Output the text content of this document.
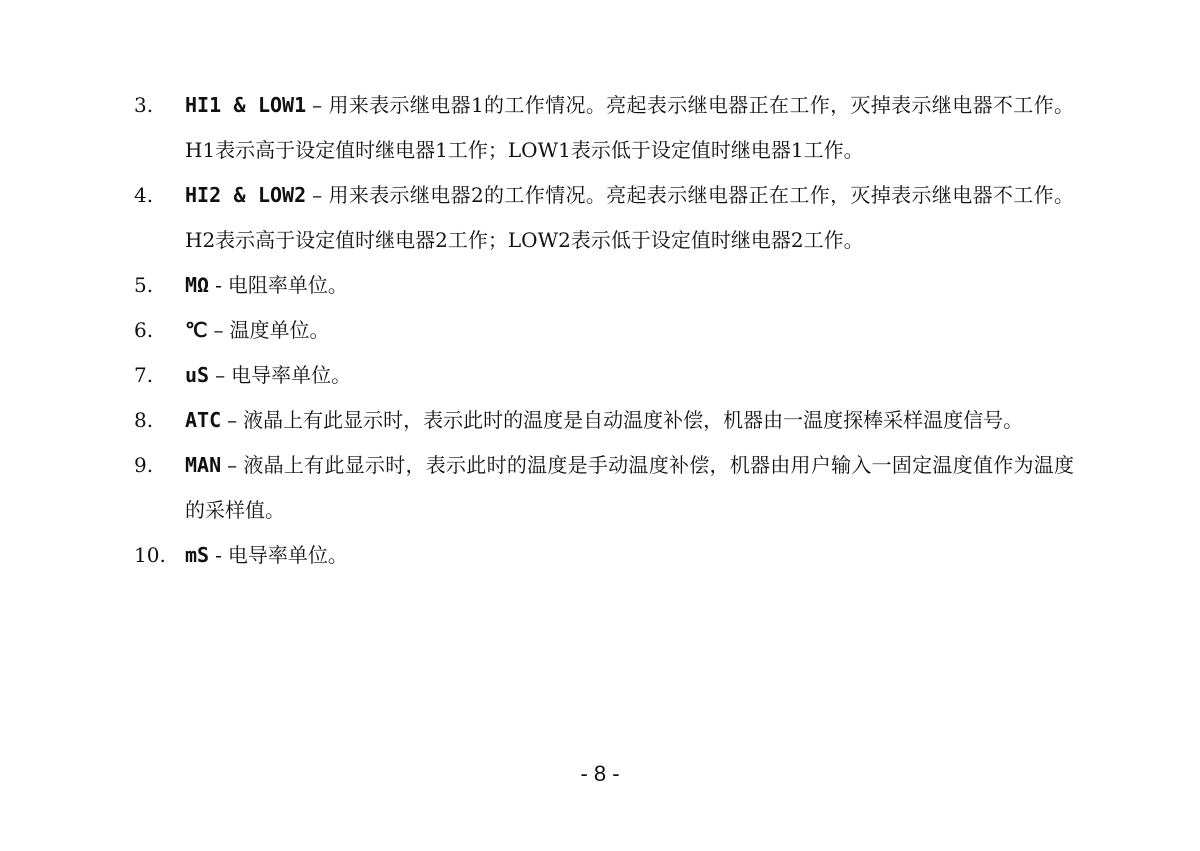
3.	HI1 & LOW1 – 用来表示继电器1的工作情况。亮起表示继电器正在工作，灭掉表示继电器不工作。H1表示高于设定值时继电器1工作；LOW1表示低于设定值时继电器1工作。
4.	HI2 & LOW2 – 用来表示继电器2的工作情况。亮起表示继电器正在工作，灭掉表示继电器不工作。H2表示高于设定值时继电器2工作；LOW2表示低于设定值时继电器2工作。
5.	MΩ - 电阻率单位。
6.	℃ – 温度单位。
7.	uS – 电导率单位。
8.	ATC – 液晶上有此显示时，表示此时的温度是自动温度补偿，机器由一温度探棒采样温度信号。
9.	MAN – 液晶上有此显示时，表示此时的温度是手动温度补偿，机器由用户输入一固定温度值作为温度的采样值。
10. mS - 电导率单位。
- 8 -
